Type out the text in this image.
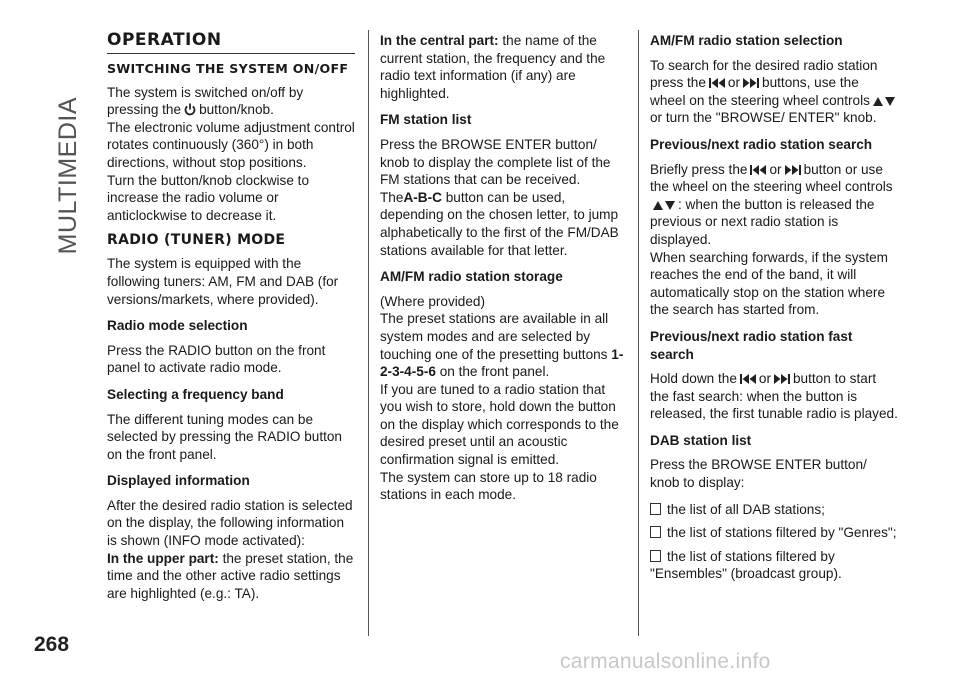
MULTIMEDIA
268
OPERATION
SWITCHING THE SYSTEM ON/OFF

The system is switched on/off by pressing the button/knob.

The electronic volume adjustment control rotates continuously (360°) in both directions, without stop positions.

Turn the button/knob clockwise to increase the radio volume or anticlockwise to decrease it.

RADIO (TUNER) MODE

The system is equipped with the following tuners: AM, FM and DAB (for versions/markets, where provided).

Radio mode selection

Press the RADIO button on the front panel to activate radio mode.

Selecting a frequency band

The different tuning modes can be selected by pressing the RADIO button on the front panel.

Displayed information

After the desired radio station is selected on the display, the following information is shown (INFO mode activated):

In the upper part: the preset station, the time and the other active radio settings are highlighted (e.g.: TA).

In the central part: the name of the current station, the frequency and the radio text information (if any) are highlighted.

FM station list

Press the BROWSE ENTER button/ knob to display the complete list of the FM stations that can be received.

TheA-B-C button can be used, depending on the chosen letter, to jump alphabetically to the first of the FM/DAB stations available for that letter.

AM/FM radio station storage

(Where provided)

The preset stations are available in all system modes and are selected by touching one of the presetting buttons 1-2-3-4-5-6 on the front panel.

If you are tuned to a radio station that you wish to store, hold down the button on the display which corresponds to the desired preset until an acoustic confirmation signal is emitted.

The system can store up to 18 radio stations in each mode.

AM/FM radio station selection

To search for the desired radio station press the or buttons, use the wheel on the steering wheel controlsor turn the "BROWSE/ ENTER" knob.

Previous/next radio station search

Briefly press the or button or use the wheel on the steering wheel controls: when the button is released the previous or next radio station is displayed.

When searching forwards, if the system reaches the end of the band, it will automatically stop on the station where the search has started from.

Previous/next radio station fast search

Hold down the or button to start the fast search: when the button is released, the first tunable radio is played.

DAB station list

Press the BROWSE ENTER button/ knob to display:

the list of all DAB stations;
the list of stations filtered by "Genres";
the list of stations filtered by "Ensembles" (broadcast group).
carmanualsonline.info
